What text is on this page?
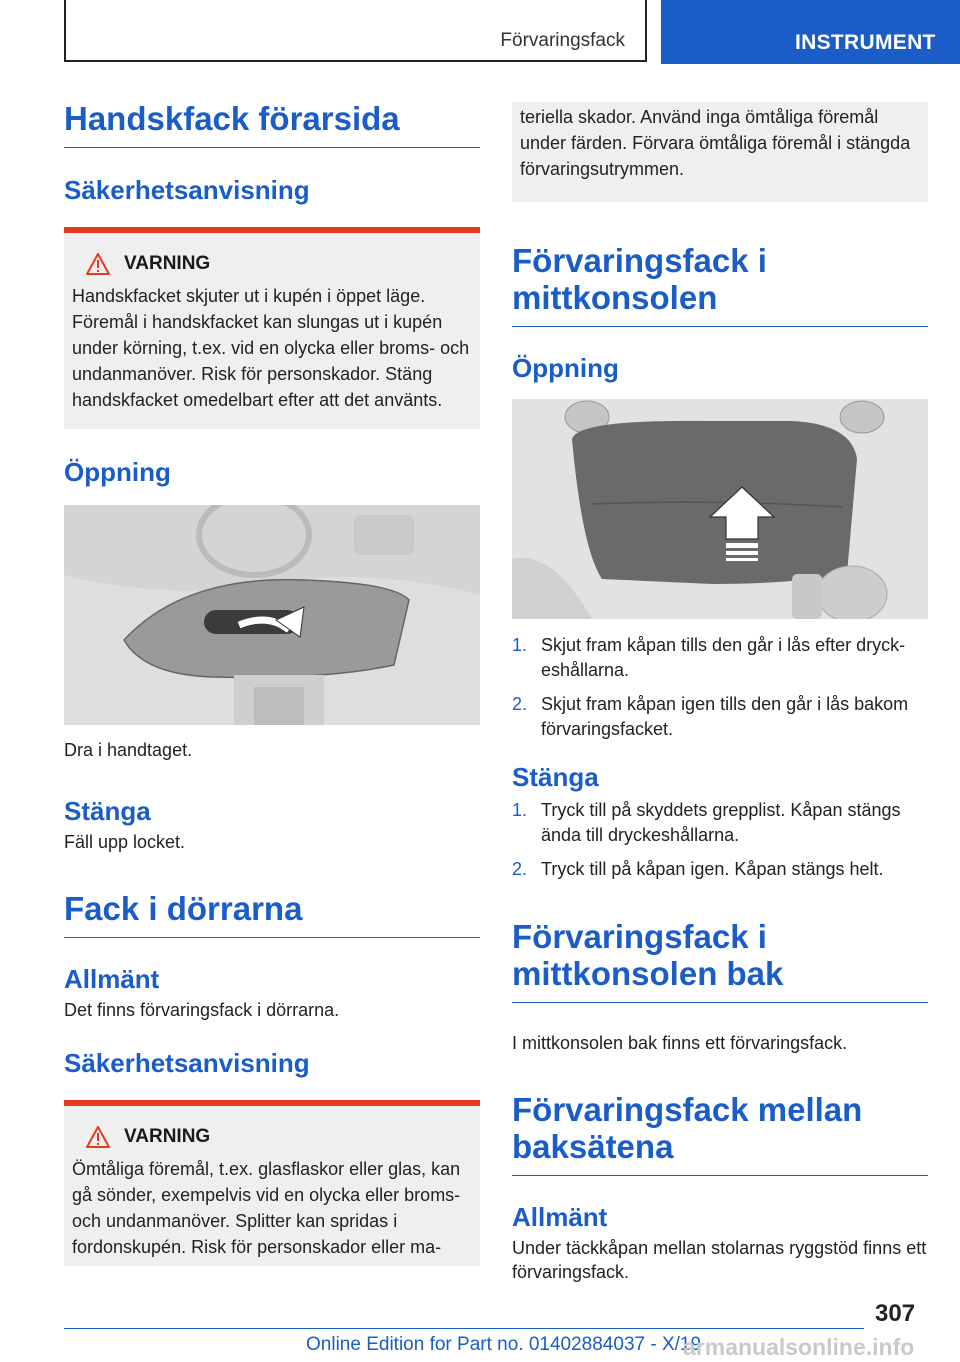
Förvaringsfack	INSTRUMENT
Handskfack förarsida
Säkerhetsanvisning
VARNING
Handskfacket skjuter ut i kupén i öppet läge. Föremål i handskfacket kan slungas ut i kupén under körning, t.ex. vid en olycka eller broms- och undanmanöver. Risk för personskador. Stäng handskfacket omedelbart efter att det använts.
Öppning

Dra i handtaget.

Stänga

Fäll upp locket.

Fack i dörrarna
Allmänt

Det finns förvaringsfack i dörrarna.

Säkerhetsanvisning
VARNING
Ömtåliga föremål, t.ex. glasflaskor eller glas, kan gå sönder, exempelvis vid en olycka eller broms- och undanmanöver. Splitter kan spridas i fordonskupén. Risk för personskador eller ma-
teriella skador. Använd inga ömtåliga föremål under färden. Förvara ömtåliga föremål i stängda förvaringsutrymmen.
Förvaringsfack i mittkonsolen
Öppning
1. Skjut fram kåpan tills den går i lås efter dryckeshållarna.
2. Skjut fram kåpan igen tills den går i lås bakom förvaringsfacket.
Stänga
1. Tryck till på skyddets grepplist. Kåpan stängs ända till dryckeshållarna.
2. Tryck till på kåpan igen. Kåpan stängs helt.
Förvaringsfack i mittkonsolen bak

I mittkonsolen bak finns ett förvaringsfack.

Förvaringsfack mellan baksätena
Allmänt

Under täckkåpan mellan stolarnas ryggstöd finns ett förvaringsfack.

307
Online Edition for Part no. 01402884037 - X/19
armanualsonline.info
